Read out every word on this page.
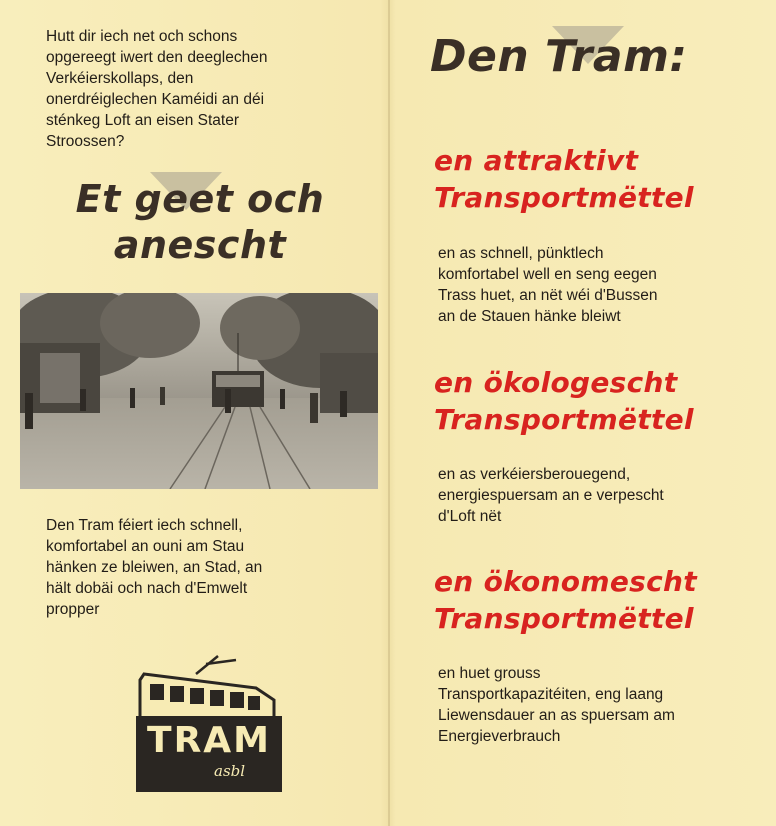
Hutt dir iech net och schons
opgereegt iwert den deeglechen
Verkéierskollaps, den
onerdréiglechen Kaméidi an déi
sténkeg Loft an eisen Stater
Stroossen?
Et geet och
anescht
Den Tram féiert iech schnell,
komfortabel an ouni am Stau
hänken ze bleiwen, an Stad, an
hält dobäi och nach d'Emwelt
propper
TRAM
asbl
Den Tram:
en attraktivt
Transportmëttel
en as schnell, pünktlech
komfortabel well en seng eegen
Trass huet, an nët wéi d'Bussen
an de Stauen hänke bleiwt
en ökologescht
Transportmëttel
en as verkéiersberouegend,
energiespuersam an e verpescht
d'Loft nët
en ökonomescht
Transportmëttel
en huet grouss
Transportkapazitéiten, eng laang
Liewensdauer an as spuersam am
Energieverbrauch
